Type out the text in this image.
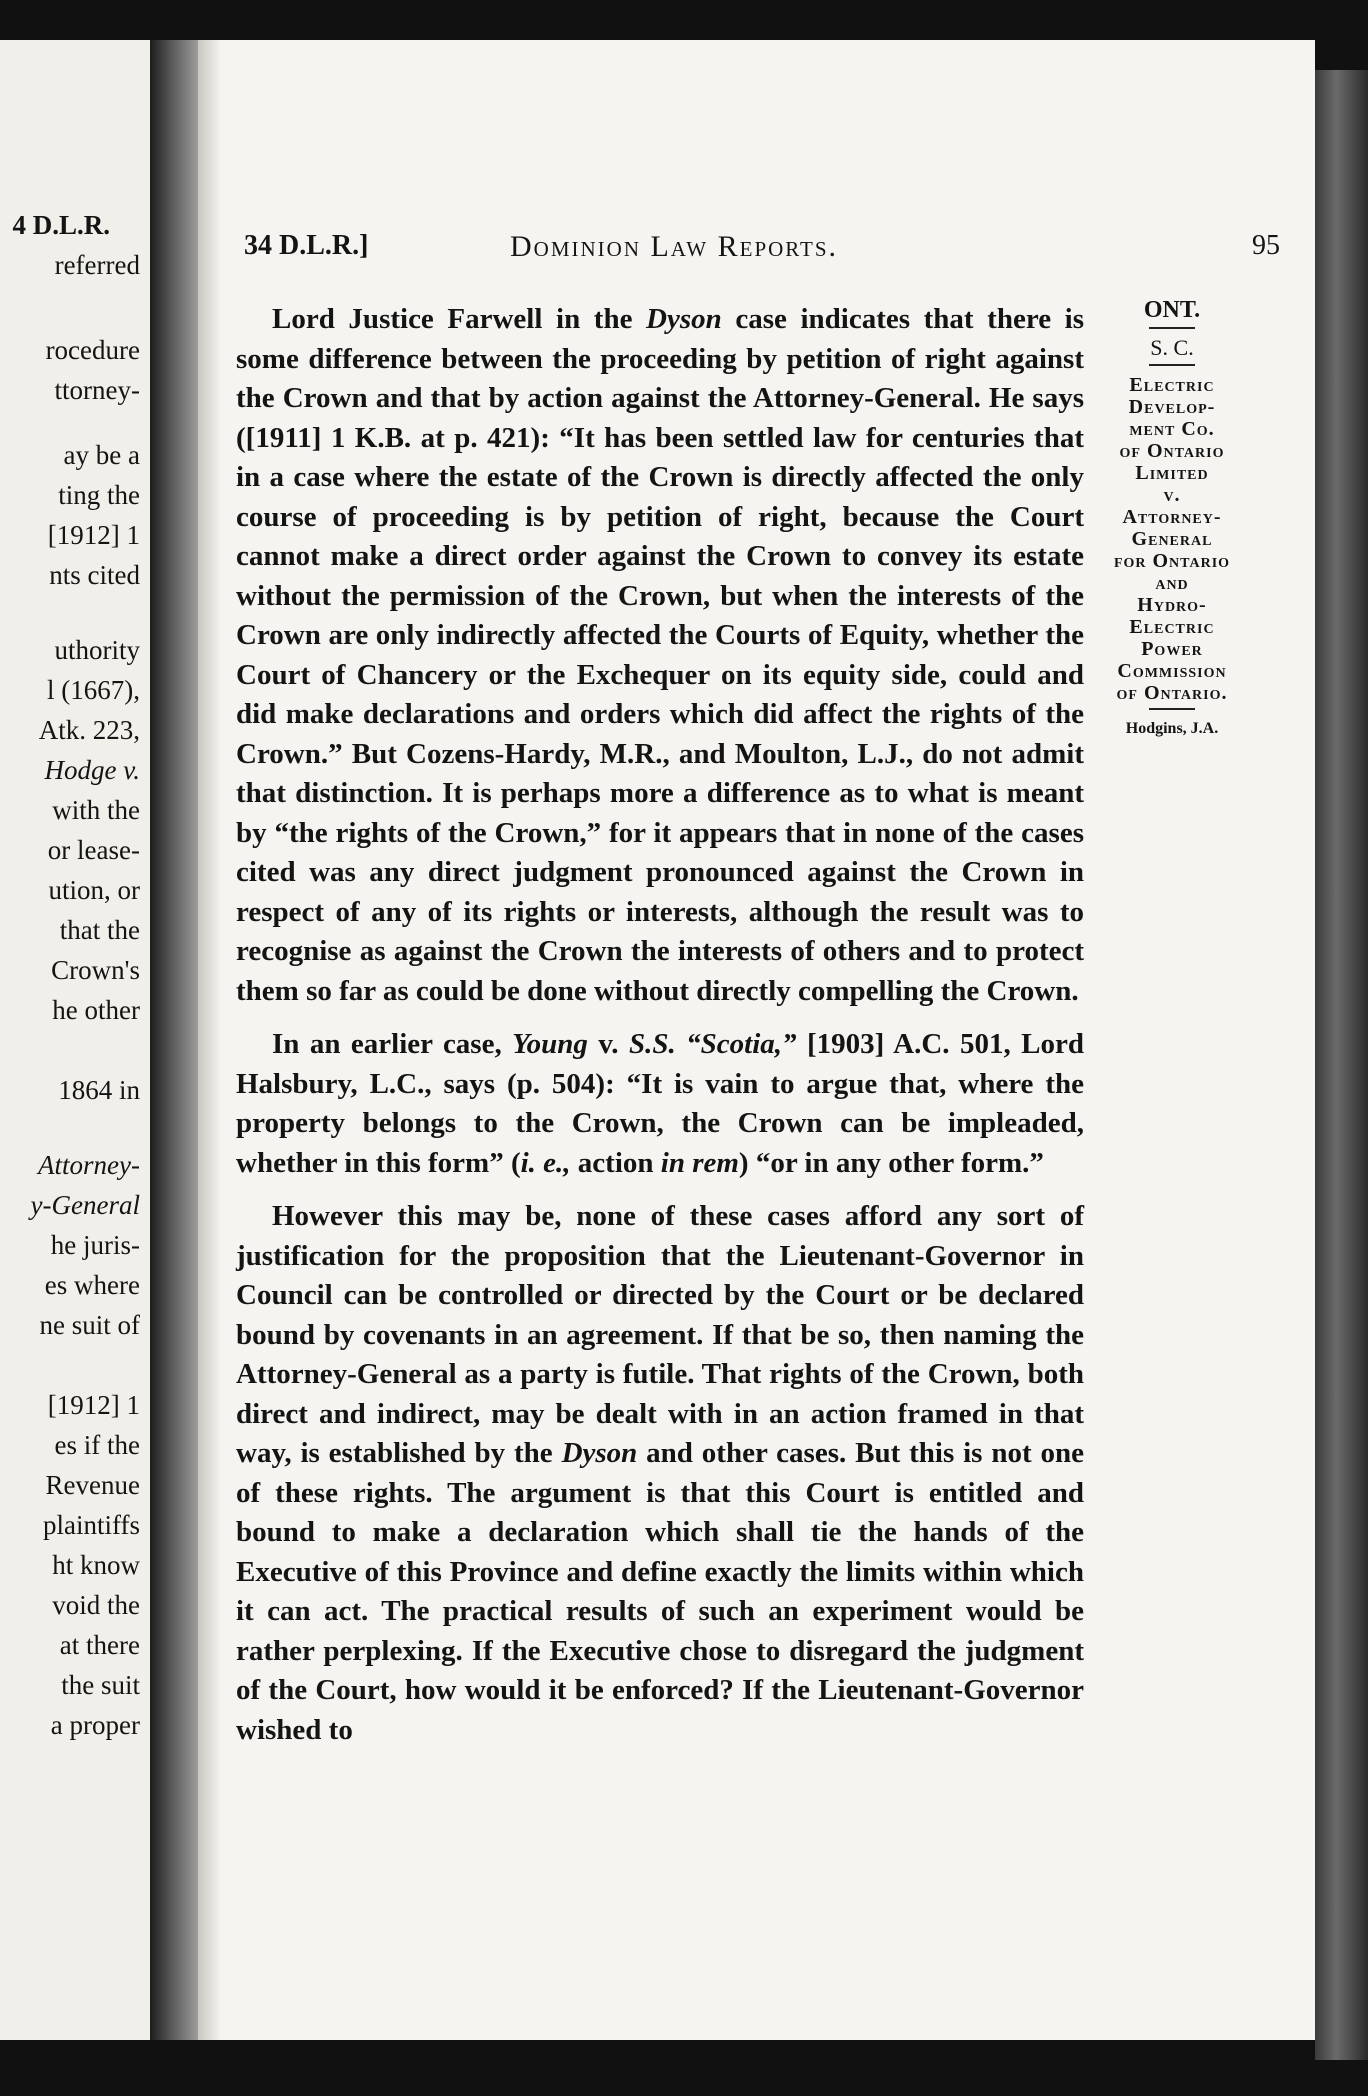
4 D.L.R.
referred
rocedure
ttorney-
ay be a
ting the
[1912] 1
nts cited
uthority
l (1667),
Atk. 223,
Hodge v.
with the
or lease-
ution, or
that the
Crown's
he other
1864 in
Attorney-
y-General
he juris-
es where
ne suit of
[1912] 1
es if the
Revenue
plaintiffs
ht know
void the
at there
the suit
a proper
34 D.L.R.]	Dominion Law Reports.	95

Lord Justice Farwell in the Dyson case indicates that there is some difference between the proceeding by petition of right against the Crown and that by action against the Attorney-General. He says ([1911] 1 K.B. at p. 421): “It has been settled law for centuries that in a case where the estate of the Crown is directly affected the only course of proceeding is by petition of right, because the Court cannot make a direct order against the Crown to convey its estate without the permission of the Crown, but when the interests of the Crown are only indirectly affected the Courts of Equity, whether the Court of Chancery or the Exchequer on its equity side, could and did make declarations and orders which did affect the rights of the Crown.” But Cozens-Hardy, M.R., and Moulton, L.J., do not admit that distinction. It is perhaps more a difference as to what is meant by “the rights of the Crown,” for it appears that in none of the cases cited was any direct judgment pronounced against the Crown in respect of any of its rights or interests, although the result was to recognise as against the Crown the interests of others and to protect them so far as could be done without directly compelling the Crown.

In an earlier case, Young v. S.S. “Scotia,” [1903] A.C. 501, Lord Halsbury, L.C., says (p. 504): “It is vain to argue that, where the property belongs to the Crown, the Crown can be impleaded, whether in this form” (i. e., action in rem) “or in any other form.”

However this may be, none of these cases afford any sort of justification for the proposition that the Lieutenant-Governor in Council can be controlled or directed by the Court or be declared bound by covenants in an agreement. If that be so, then naming the Attorney-General as a party is futile. That rights of the Crown, both direct and indirect, may be dealt with in an action framed in that way, is established by the Dyson and other cases. But this is not one of these rights. The argument is that this Court is entitled and bound to make a declaration which shall tie the hands of the Executive of this Province and define exactly the limits within which it can act. The practical results of such an experiment would be rather perplexing. If the Executive chose to disregard the judgment of the Court, how would it be enforced? If the Lieutenant-Governor wished to

ONT.
S. C.
Electric
Develop-
ment Co.
of Ontario
Limited
v.
Attorney-
General
for Ontario
and
Hydro-
Electric
Power
Commission
of Ontario.
Hodgins, J.A.
